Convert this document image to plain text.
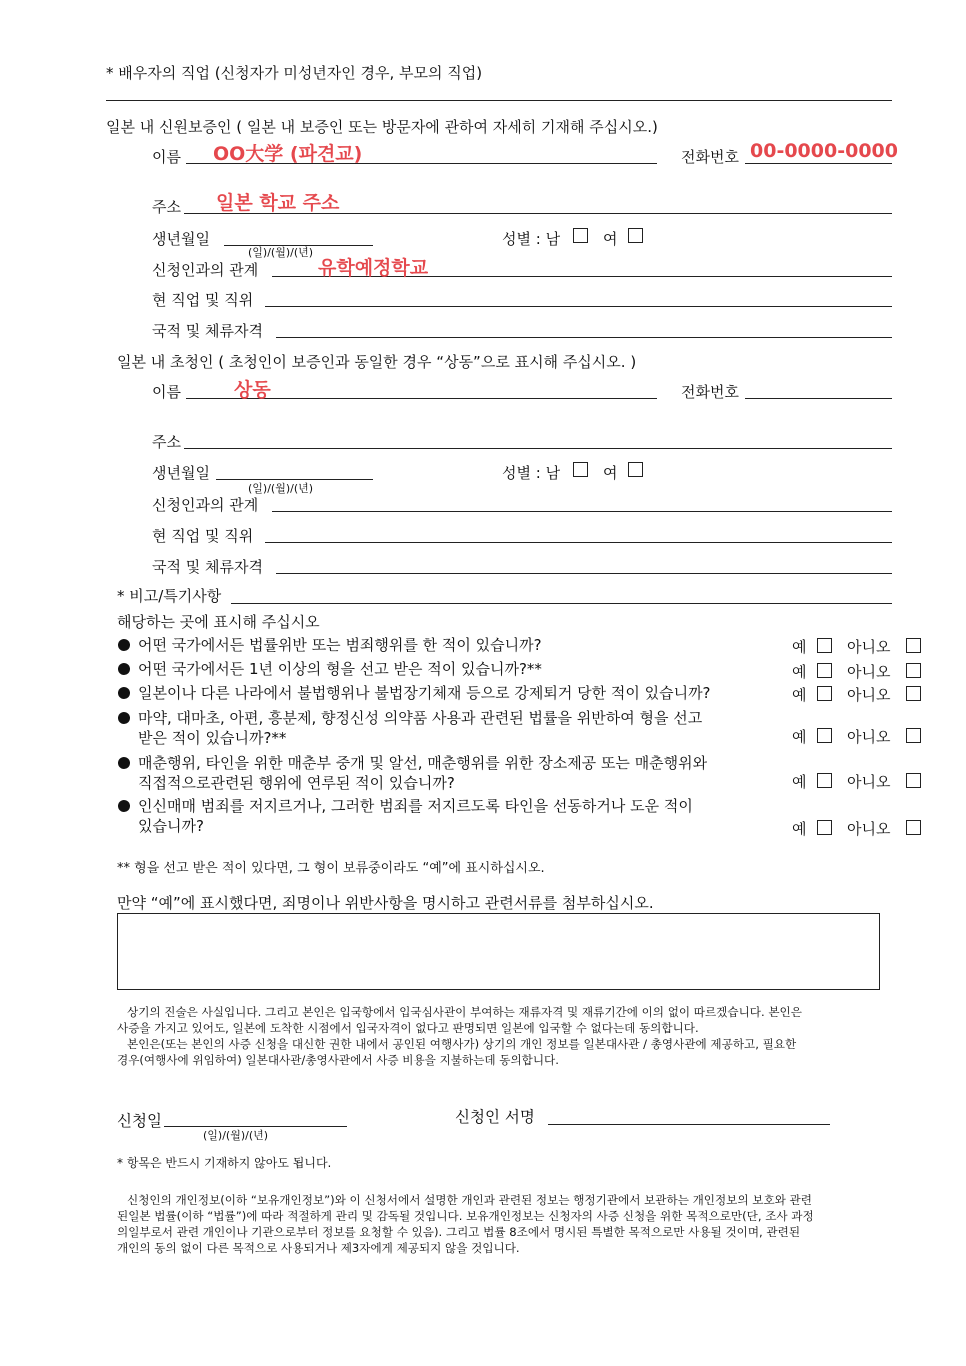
* 배우자의 직업 (신청자가 미성년자인 경우, 부모의 직업)
일본 내 신원보증인 ( 일본 내 보증인 또는 방문자에 관하여 자세히 기재해 주십시오.)
이름 OO大学 (파견교)	전화번호 00-0000-0000
주소 일본 학교 주소
생년월일
(일)/(월)/(년)
성별 : 남	여
신청인과의 관계	유학예정학교
현 직업 및 직위
국적 및 체류자격
일본 내 초청인 ( 초청인이 보증인과 동일한 경우 “상동”으로 표시해 주십시오. )
이름	상동	전화번호
주소
생년월일
(일)/(월)/(년)
성별 : 남	여
신청인과의 관계
현 직업 및 직위
국적 및 체류자격
* 비고/특기사항
해당하는 곳에 표시해 주십시오
어떤 국가에서든 법률위반 또는 범죄행위를 한 적이 있습니까?	예	아니오
어떤 국가에서든 1년 이상의 형을 선고 받은 적이 있습니까?**	예	아니오
일본이나 다른 나라에서 불법행위나 불법장기체재 등으로 강제퇴거 당한 적이 있습니까?	예	아니오
마약, 대마초, 아편, 흥분제, 향정신성 의약품 사용과 관련된 법률을 위반하여 형을 선고
받은 적이 있습니까?**	예	아니오
매춘행위, 타인을 위한 매춘부 중개 및 알선, 매춘행위를 위한 장소제공 또는 매춘행위와
직접적으로관련된 행위에 연루된 적이 있습니까?	예	아니오
인신매매 범죄를 저지르거나, 그러한 범죄를 저지르도록 타인을 선동하거나 도운 적이
있습니까?	예	아니오
** 형을 선고 받은 적이 있다면, 그 형이 보류중이라도 “예”에 표시하십시오.
만약 “예”에 표시했다면, 죄명이나 위반사항을 명시하고 관련서류를 첨부하십시오.
상기의 진술은 사실입니다. 그리고 본인은 입국항에서 입국심사관이 부여하는 재류자격 및 재류기간에 이의 없이 따르겠습니다. 본인은
사증을 가지고 있어도, 일본에 도착한 시점에서 입국자격이 없다고 판명되면 일본에 입국할 수 없다는데 동의합니다.
본인은(또는 본인의 사증 신청을 대신한 권한 내에서 공인된 여행사가) 상기의 개인 정보를 일본대사관 / 총영사관에 제공하고, 필요한
경우(여행사에 위임하여) 일본대사관/총영사관에서 사증 비용을 지불하는데 동의합니다.
신청일
(일)/(월)/(년)
신청인 서명
* 항목은 반드시 기재하지 않아도 됩니다.
신청인의 개인정보(이하 “보유개인정보”)와 이 신청서에서 설명한 개인과 관련된 정보는 행정기관에서 보관하는 개인정보의 보호와 관련
된일본 법률(이하 “법률”)에 따라 적절하게 관리 및 감독될 것입니다. 보유개인정보는 신청자의 사증 신청을 위한 목적으로만(단, 조사 과정
의일부로서 관련 개인이나 기관으로부터 정보를 요청할 수 있음). 그리고 법률 8조에서 명시된 특별한 목적으로만 사용될 것이며, 관련된
개인의 동의 없이 다른 목적으로 사용되거나 제3자에게 제공되지 않을 것입니다.
